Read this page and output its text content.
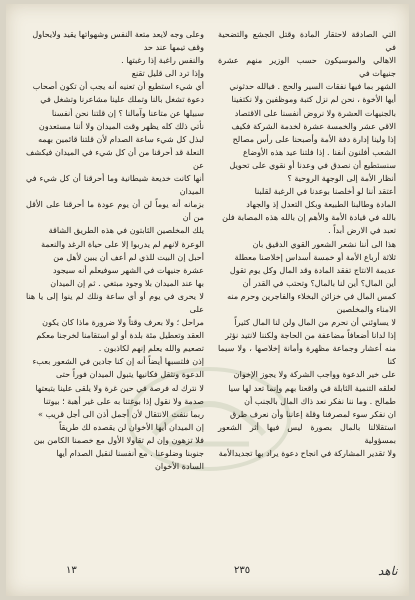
التي الصادقة لاحتقار المادة وقتل الجشع والتضحية في

الاهالي والموسيكون حسب الوزير منهم عشرة جنيهات في

الشهر بما فيها نفقات السير والحج . فبالله حدثوني

أيها الأخوة ، نحن لم نزل كتبة وموظفين ولا نكتفينا

بالجنيهات العشرة ولا نروض أنفسنا على الاقتصاد

الاقي عشر والخمسة عشرة لخدمة الشركة فكيف

إذا ولينا إدارة دفة الأمة وأصبحنا على رأس مصالح

الشعب أفلنون أنفنا . إذا فلتنا عيد هذه الأوضاع

سنستطيع أن نصدق في وعدنا أو نقوي على تحويل

أنظار الأمة إلى الوجهة الروحية ؟

أعتقد أننا لو أخلصنا بوعدنا في الرغبة لقلبنا

المادة وطالبنا الطبيعة وبكل التعدل إذ والجهاد

بالله في قيادة الأمة والأهم إن بالله هذه المصابة فلن

تعبد في الارض أبداً .

هذا الى أننا نشعر الشعور القوي الدقيق بان

ثلاثة أرباع الأمة أو خمسة أسداس إخلاصنا معطلة

عديمة الانتاج تفقد المادة وقد المال وكل يوم تقول

أين المال؟ أين لنا بالمال؟ وتحتب في القدر أن

كمس المال في خزائن البخلاء والفاجرين وحرم منه

الامناء والمخلصين

لا يساوئني أن نحرم من المال ولن لنا المال كثيراً

إذا لدانا أضعافاً مضاعفة من الحاجة ولكننا لانتيد نؤثر

منه أعشار وجماعة مظهرة وأمانة إخلاصها ، ولا سيما كنا

على خير الدعوة وواجب الشركة ولا يجوز الإخوان

لعلقه التنمية الثابلة في واقعنا بهم وإنما تعد لها سيا

طمالح . وما ننا نفكر نعد ذاك المال بالجنب أن

ان نفكر سوء لمصرفنا وقلة إعاننا وأن نعرف طرق

استقلالنا بالمال بصورة ليس فيها أثر الشعور بمسؤولية

ولا تقدير المشاركة في انجاح دعوة يراد بها تجديدالأمة

وعلى وجه لايعد متعة النفس وشهواتها يقيد ولايحاول

وقف تيمها عند حد

والنفس راغبة إذا رغبتها .

وإذا ترد الى قليل تقنع

أي شيء استطيع أن تعنيه أنه يجب أن تكون أصحاب

دعوة تشغل بالنا وتملك علينا مشاعرنا وتشغل في

سبيلها عن متاعنا وآمالنا ؟ إن قلتنا نحن أنفسنا

نأتي ذلك كله يظهر وقت الميدان ولا أننا مستعدون

لبذل كل شيء ساعة الصدام لأن قلتنا قائمين بهمه

النعلة قد أحرقنا من أن كل شيء في الميدان فيكشف عن

أنها كانت خديعة شيطانية وما أحرقنا أن كل شيء في الميدان

بزمانه أنه يوماً لن أن يوم عودة ما أحرقنا على الأقل من أن

يلك المخلصين الثابتون في هذه الطريق الشاقة

الوعرة لانهم لم يدربوا إلا على حياة الرغد والنعمة

أحبل إن البيت للذي لم أعف أن يبين لأهل من

عشرة جنيهات في الشهر سوفيعلم أنه سيجود

بها عند الميدان بلا وجود مبتغي . ثم إن الميدان

لا يحرى في يوم أو أي ساعة ونلك لم ينوا إلى يا هنا على

مراحل ؛ ولا بعرف وقتاً ولا ضرورة ماذا كان يكون

العقد وتعطيل مئة بلدة أو لو استقامنا لخرجنا معكم

تصعيم والله يعلم إنهم لكاذبون .

إذن فلتسبها أيضاً أنه إن كنا جادين في الشعور بعبء

الدعوة ونثقل فكانيها يتبول الميدان فوراً حتى

لا نترك له فرصة في حين غرة ولا يلقى علينا بتبعتها

صدمة ولا نقول إذا بوغتنا به على غير أهبة ؛ بيوتنا

ربما ننفث الانتقال لأن أجمل أذن الى أجل قريب »

إن الميدان أيها الأخوان لن يقصده لك طريقاً

فلا تزهون وإن لم تقاولا الأول مع خصمنا الكامن بين

جنوبنا وضلوعنا . مع أنفسنا لنقبل الصدام أيها

السادة الأخوان

٢٣٥
١٣	ناهد
